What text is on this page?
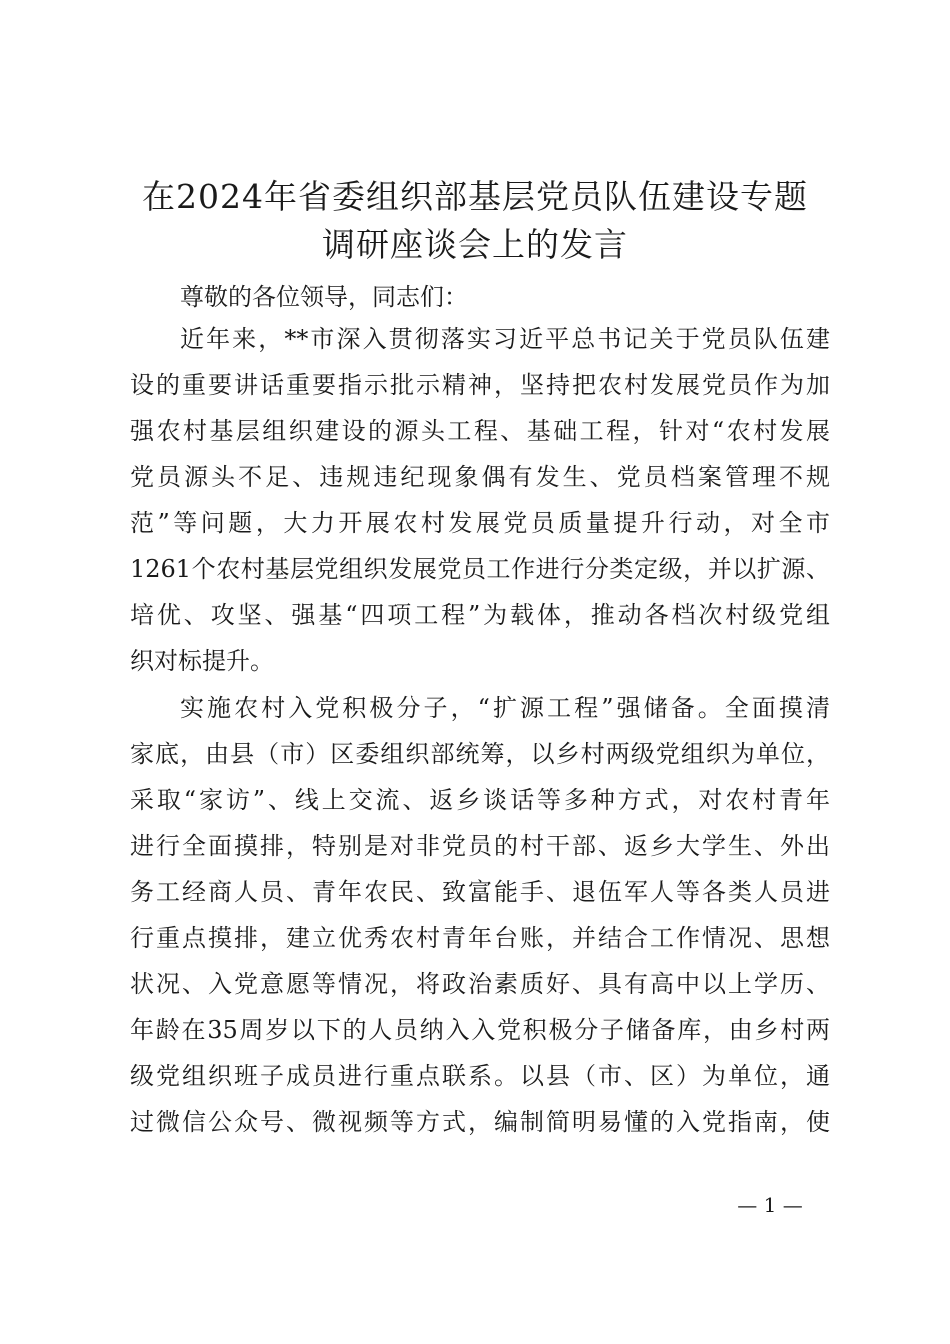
在2024年省委组织部基层党员队伍建设专题
调研座谈会上的发言
尊敬的各位领导，同志们：
近年来，**市深入贯彻落实习近平总书记关于党员队伍建
设的重要讲话重要指示批示精神，坚持把农村发展党员作为加
强农村基层组织建设的源头工程、基础工程，针对“农村发展
党员源头不足、违规违纪现象偶有发生、党员档案管理不规
范”等问题，大力开展农村发展党员质量提升行动，对全市
1261个农村基层党组织发展党员工作进行分类定级，并以扩源、
培优、攻坚、强基“四项工程”为载体，推动各档次村级党组
织对标提升。
实施农村入党积极分子，“扩源工程”强储备。全面摸清
家底，由县（市）区委组织部统筹，以乡村两级党组织为单位，
采取“家访”、线上交流、返乡谈话等多种方式，对农村青年
进行全面摸排，特别是对非党员的村干部、返乡大学生、外出
务工经商人员、青年农民、致富能手、退伍军人等各类人员进
行重点摸排，建立优秀农村青年台账，并结合工作情况、思想
状况、入党意愿等情况，将政治素质好、具有高中以上学历、
年龄在35周岁以下的人员纳入入党积极分子储备库，由乡村两
级党组织班子成员进行重点联系。以县（市、区）为单位，通
过微信公众号、微视频等方式，编制简明易懂的入党指南，使
— 1 —
